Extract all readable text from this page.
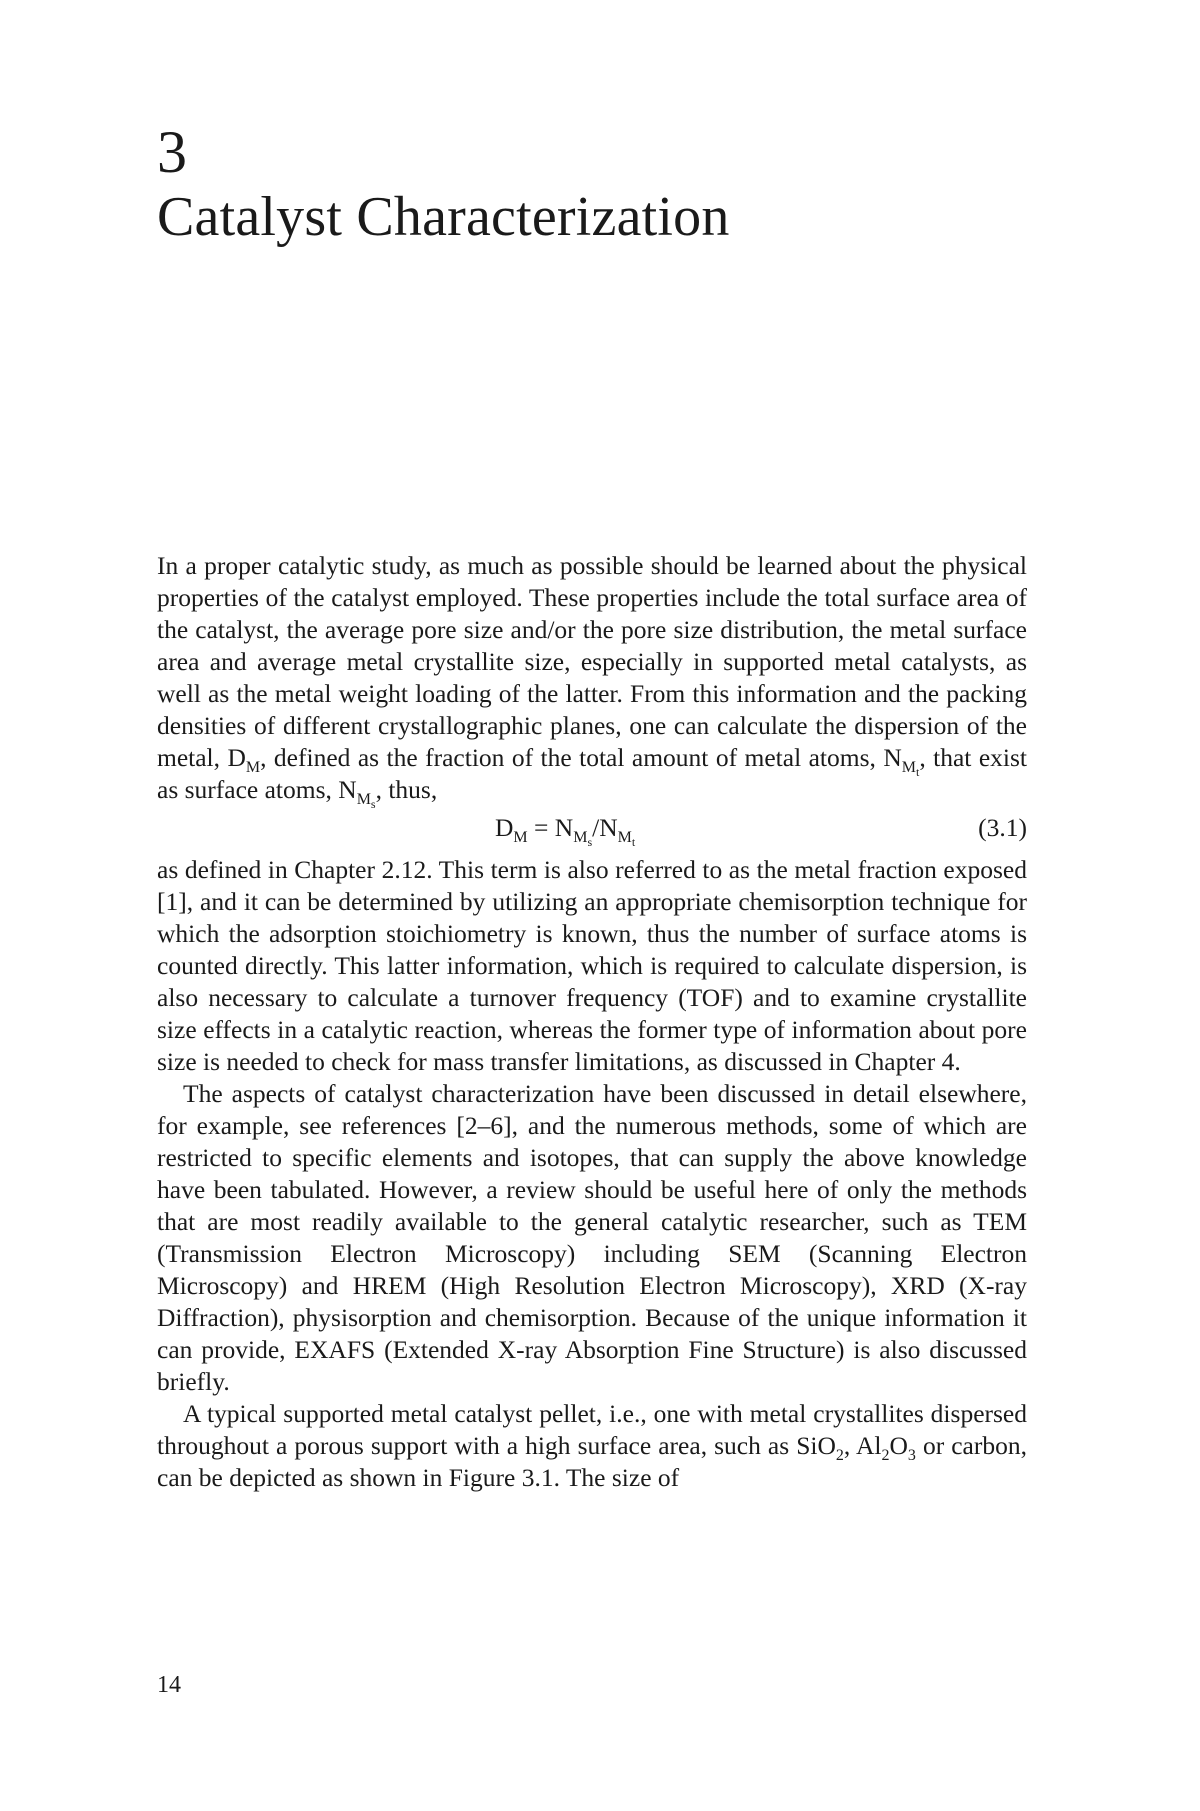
3
Catalyst Characterization

In a proper catalytic study, as much as possible should be learned about the physical properties of the catalyst employed. These properties include the total surface area of the catalyst, the average pore size and/or the pore size distribution, the metal surface area and average metal crystallite size, especially in supported metal catalysts, as well as the metal weight loading of the latter. From this information and the packing densities of different crystallographic planes, one can calculate the dispersion of the metal, $D_M$, defined as the fraction of the total amount of metal atoms, $N_{M_t}$, that exist as surface atoms, $N_{M_s}$, thus,

$D_M = N_{M_s}/N_{M_t}$
(3.1)

as defined in Chapter 2.12. This term is also referred to as the metal fraction exposed [1], and it can be determined by utilizing an appropriate chemisorption technique for which the adsorption stoichiometry is known, thus the number of surface atoms is counted directly. This latter information, which is required to calculate dispersion, is also necessary to calculate a turnover frequency (TOF) and to examine crystallite size effects in a catalytic reaction, whereas the former type of information about pore size is needed to check for mass transfer limitations, as discussed in Chapter 4.

The aspects of catalyst characterization have been discussed in detail elsewhere, for example, see references [2–6], and the numerous methods, some of which are restricted to specific elements and isotopes, that can supply the above knowledge have been tabulated. However, a review should be useful here of only the methods that are most readily available to the general catalytic researcher, such as TEM (Transmission Electron Microscopy) including SEM (Scanning Electron Microscopy) and HREM (High Resolution Electron Microscopy), XRD (X-ray Diffraction), physisorption and chemisorption. Because of the unique information it can provide, EXAFS (Extended X-ray Absorption Fine Structure) is also discussed briefly.

A typical supported metal catalyst pellet, i.e., one with metal crystallites dispersed throughout a porous support with a high surface area, such as SiO$_2$, $Al_2O_3$ or carbon, can be depicted as shown in Figure 3.1. The size of

14
